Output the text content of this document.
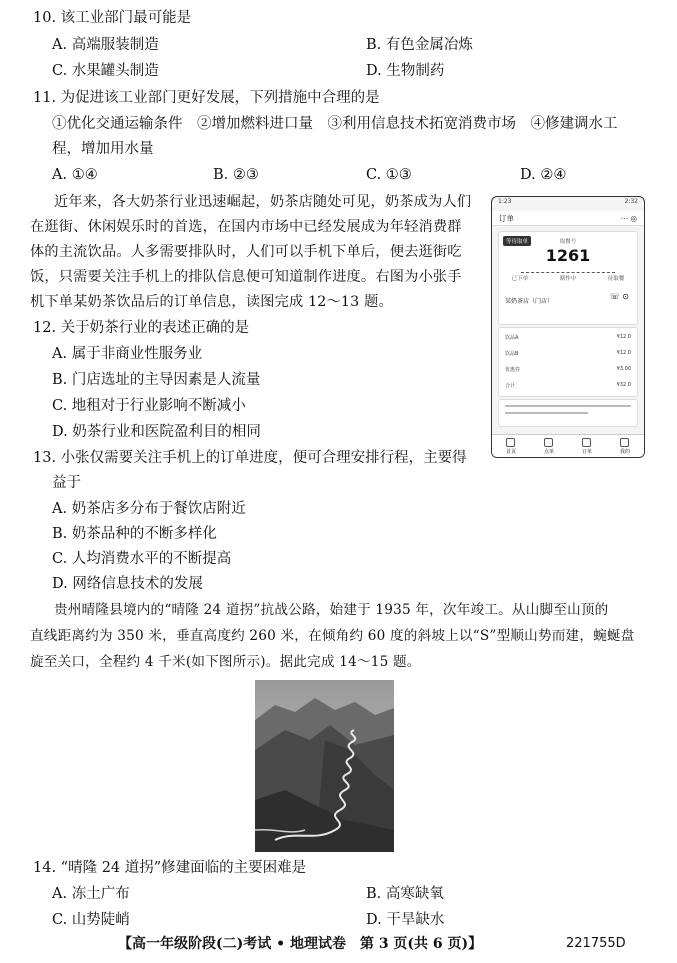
10. 该工业部门最可能是
A. 高端服装制造	B. 有色金属冶炼
C. 水果罐头制造	D. 生物制药
11. 为促进该工业部门更好发展，下列措施中合理的是
①优化交通运输条件　②增加燃料进口量　③利用信息技术拓宽消费市场　④修建调水工
程，增加用水量
A. ①④	B. ②③	C. ①③	D. ②④
近年来，各大奶茶行业迅速崛起，奶茶店随处可见，奶茶成为人们
在逛街、休闲娱乐时的首选，在国内市场中已经发展成为年轻消费群
体的主流饮品。人多需要排队时，人们可以手机下单后，便去逛街吃
饭，只需要关注手机上的排队信息便可知道制作进度。右图为小张手
机下单某奶茶饮品后的订单信息，读图完成 12～13 题。
1:23	2:32
订单	⋯ ◎
等待取单	取餐号
1261
已下单	制作中	待取餐
某奶茶店（门店）
☏ ⊙
饮品A	¥12.0
饮品B	¥12.0
优惠券	¥3.00
合计	¥32.0
首页	点单	订单	我的
12. 关于奶茶行业的表述正确的是
A. 属于非商业性服务业
B. 门店选址的主导因素是人流量
C. 地租对于行业影响不断减小
D. 奶茶行业和医院盈利目的相同
13. 小张仅需要关注手机上的订单进度，便可合理安排行程，主要得
益于
A. 奶茶店多分布于餐饮店附近
B. 奶茶品种的不断多样化
C. 人均消费水平的不断提高
D. 网络信息技术的发展
贵州晴隆县境内的“晴隆 24 道拐”抗战公路，始建于 1935 年，次年竣工。从山脚至山顶的
直线距离约为 350 米，垂直高度约 260 米，在倾角约 60 度的斜坡上以“S”型顺山势而建，蜿蜒盘
旋至关口，全程约 4 千米(如下图所示)。据此完成 14～15 题。
14. “晴隆 24 道拐”修建面临的主要困难是
A. 冻土广布	B. 高寒缺氧
C. 山势陡峭	D. 干旱缺水
【高一年级阶段(二)考试 • 地理试卷　第 3 页(共 6 页)】	221755D
